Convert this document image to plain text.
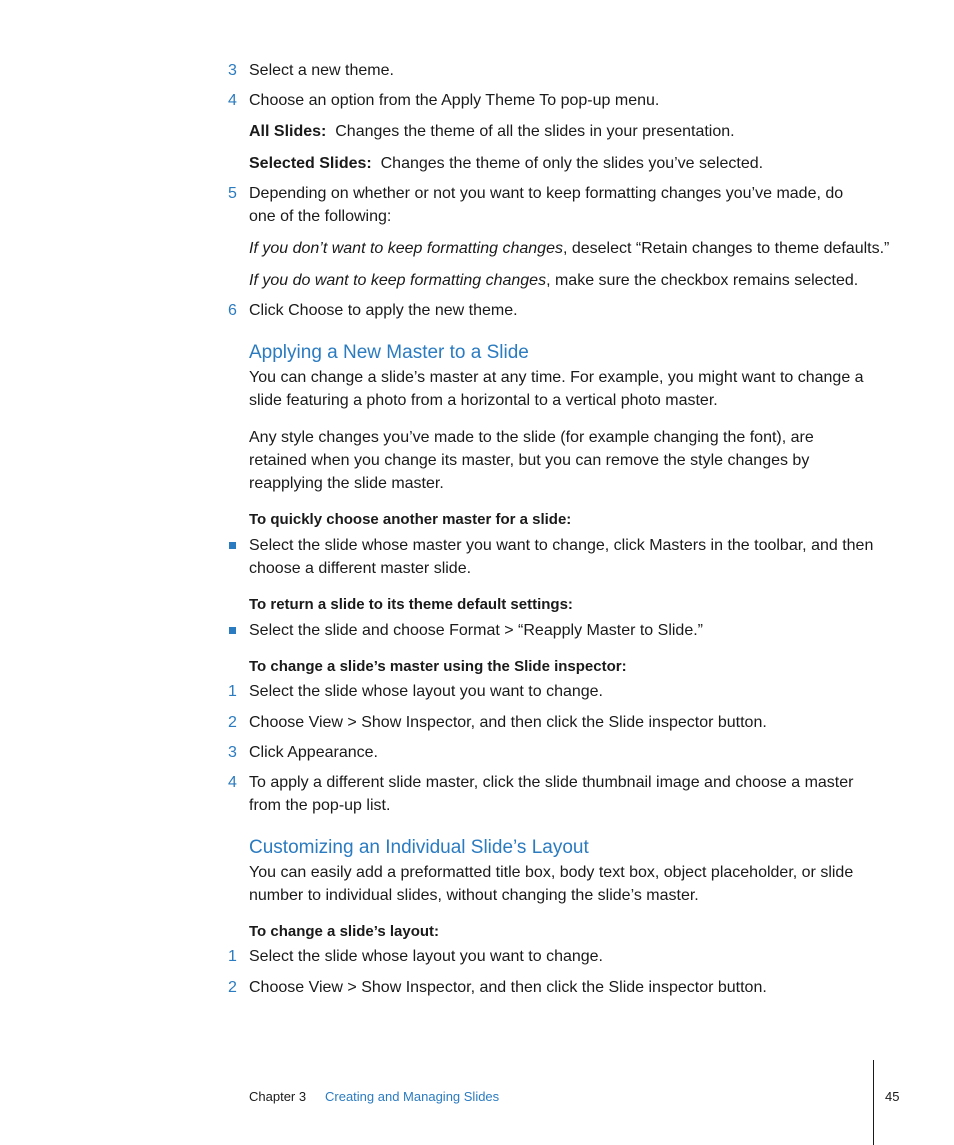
3 Select a new theme.
4 Choose an option from the Apply Theme To pop-up menu.
All Slides: Changes the theme of all the slides in your presentation.
Selected Slides: Changes the theme of only the slides you’ve selected.
5 Depending on whether or not you want to keep formatting changes you’ve made, do one of the following:
If you don’t want to keep formatting changes, deselect “Retain changes to theme defaults.”
If you do want to keep formatting changes, make sure the checkbox remains selected.
6 Click Choose to apply the new theme.
Applying a New Master to a Slide
You can change a slide’s master at any time. For example, you might want to change a slide featuring a photo from a horizontal to a vertical photo master.
Any style changes you’ve made to the slide (for example changing the font), are retained when you change its master, but you can remove the style changes by reapplying the slide master.
To quickly choose another master for a slide:
Select the slide whose master you want to change, click Masters in the toolbar, and then choose a different master slide.
To return a slide to its theme default settings:
Select the slide and choose Format > “Reapply Master to Slide.”
To change a slide’s master using the Slide inspector:
1 Select the slide whose layout you want to change.
2 Choose View > Show Inspector, and then click the Slide inspector button.
3 Click Appearance.
4 To apply a different slide master, click the slide thumbnail image and choose a master from the pop-up list.
Customizing an Individual Slide’s Layout
You can easily add a preformatted title box, body text box, object placeholder, or slide number to individual slides, without changing the slide’s master.
To change a slide’s layout:
1 Select the slide whose layout you want to change.
2 Choose View > Show Inspector, and then click the Slide inspector button.
Chapter 3 Creating and Managing Slides	45
